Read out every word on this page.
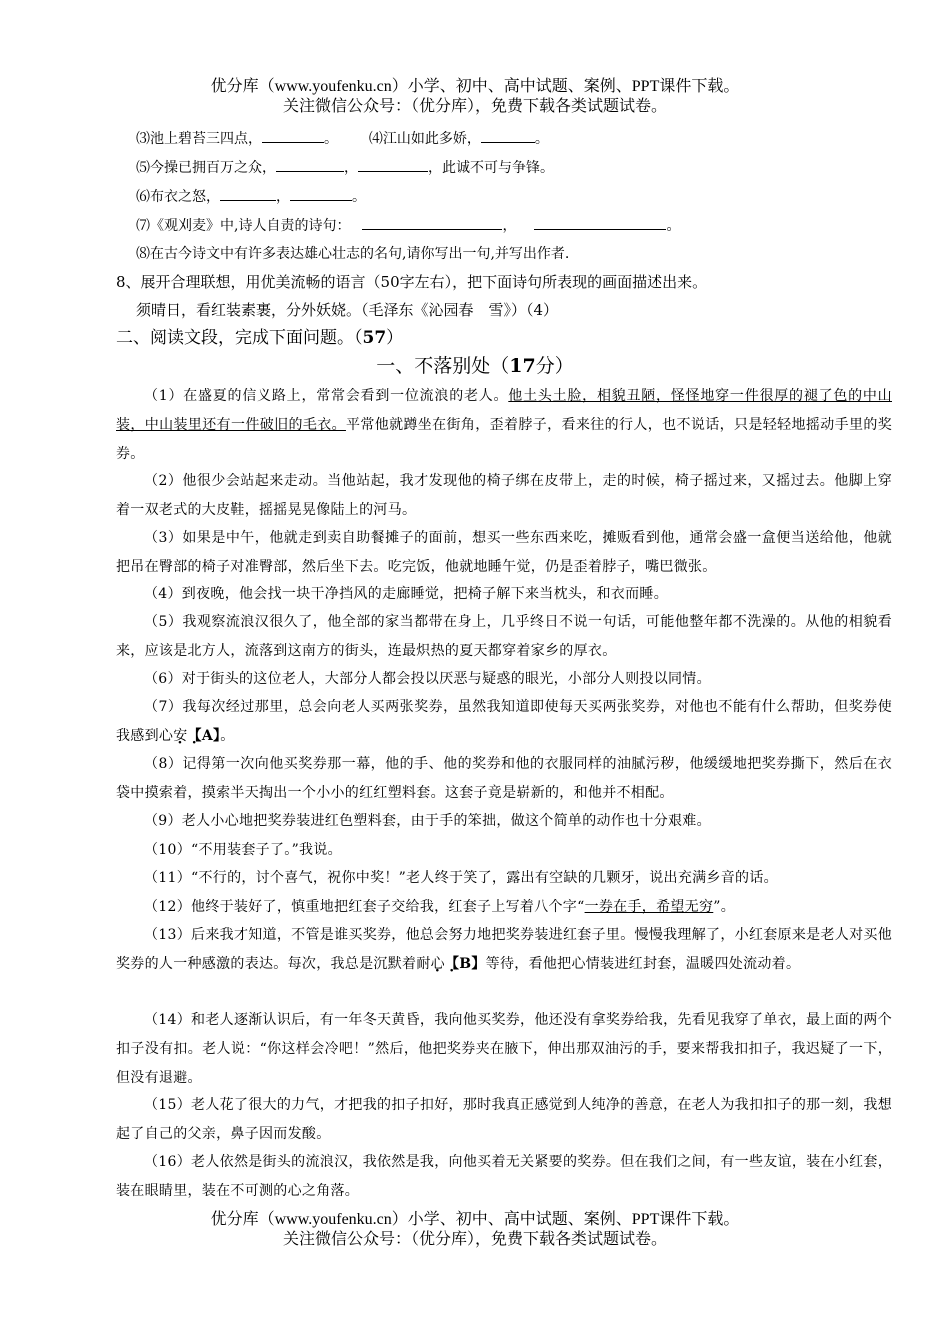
优分库（www.youfenku.cn）小学、初中、高中试题、案例、PPT课件下载。
关注微信公众号：（优分库），免费下载各类试题试卷。
⑶池上碧苔三四点，	。 ⑷江山如此多娇，	。
⑸今操已拥百万之众，	，	，此诚不可与争锋。
⑹布衣之怒，	，	。
⑺《观刈麦》中,诗人自责的诗句：	，	。
⑻在古今诗文中有许多表达雄心壮志的名句,请你写出一句,并写出作者.
8、展开合理联想，用优美流畅的语言（50字左右），把下面诗句所表现的画面描述出来。
须晴日，看红装素裹，分外妖娆。（毛泽东《沁园春　雪》）（4）
二、阅读文段，完成下面问题。（57）
一、不落别处（17分）
（1）在盛夏的信义路上，常常会看到一位流浪的老人。他土头土脸，相貌丑陋，怪怪地穿一件很厚的褪了色的中山装，中山装里还有一件破旧的毛衣。平常他就蹲坐在街角，歪着脖子，看来往的行人，也不说话，只是轻轻地摇动手里的奖券。
（2）他很少会站起来走动。当他站起，我才发现他的椅子绑在皮带上，走的时候，椅子摇过来，又摇过去。他脚上穿着一双老式的大皮鞋，摇摇晃晃像陆上的河马。
（3）如果是中午，他就走到卖自助餐摊子的面前，想买一些东西来吃，摊贩看到他，通常会盛一盒便当送给他，他就把吊在臀部的椅子对准臀部，然后坐下去。吃完饭，他就地睡午觉，仍是歪着脖子，嘴巴微张。
（4）到夜晚，他会找一块干净挡风的走廊睡觉，把椅子解下来当枕头，和衣而睡。
（5）我观察流浪汉很久了，他全部的家当都带在身上，几乎终日不说一句话，可能他整年都不洗澡的。从他的相貌看来，应该是北方人，流落到这南方的街头，连最炽热的夏天都穿着家乡的厚衣。
（6）对于街头的这位老人，大部分人都会投以厌恶与疑惑的眼光，小部分人则投以同情。
（7）我每次经过那里，总会向老人买两张奖券，虽然我知道即使每天买两张奖券，对他也不能有什么帮助，但奖券使我感到心安【A】。
（8）记得第一次向他买奖券那一幕，他的手、他的奖券和他的衣服同样的油腻污秽，他缓缓地把奖券撕下，然后在衣袋中摸索着，摸索半天掏出一个小小的红红塑料套。这套子竟是崭新的，和他并不相配。
（9）老人小心地把奖券装进红色塑料套，由于手的笨拙，做这个简单的动作也十分艰难。
（10）“不用装套子了。”我说。
（11）“不行的，讨个喜气，祝你中奖！”老人终于笑了，露出有空缺的几颗牙，说出充满乡音的话。
（12）他终于装好了，慎重地把红套子交给我，红套子上写着八个字“一券在手，希望无穷”。
（13）后来我才知道，不管是谁买奖券，他总会努力地把奖券装进红套子里。慢慢我理解了，小红套原来是老人对买他奖券的人一种感激的表达。每次，我总是沉默着耐心【B】等待，看他把心情装进红封套，温暖四处流动着。
（14）和老人逐渐认识后，有一年冬天黄昏，我向他买奖券，他还没有拿奖券给我，先看见我穿了单衣，最上面的两个扣子没有扣。老人说：“你这样会冷吧！”然后，他把奖券夹在腋下，伸出那双油污的手，要来帮我扣扣子，我迟疑了一下，但没有退避。
（15）老人花了很大的力气，才把我的扣子扣好，那时我真正感觉到人纯净的善意，在老人为我扣扣子的那一刻，我想起了自己的父亲，鼻子因而发酸。
（16）老人依然是街头的流浪汉，我依然是我，向他买着无关紧要的奖券。但在我们之间，有一些友谊，装在小红套，装在眼睛里，装在不可测的心之角落。
优分库（www.youfenku.cn）小学、初中、高中试题、案例、PPT课件下载。
关注微信公众号：（优分库），免费下载各类试题试卷。
